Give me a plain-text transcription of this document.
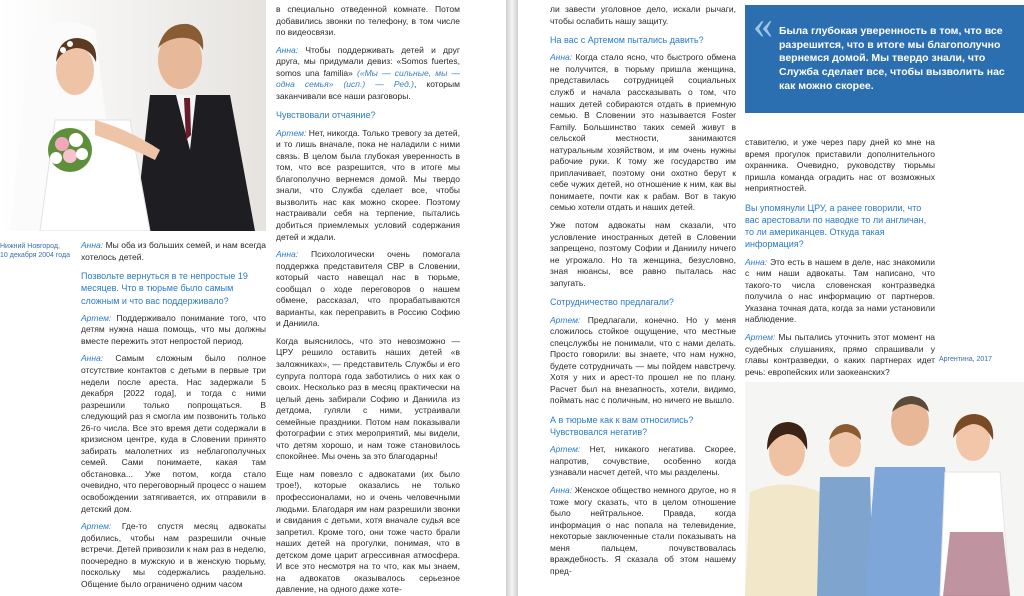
Нижний Новгород,
10 декабря 2004 года

Анна: Мы оба из больших семей, и нам всегда хотелось детей.

Позвольте вернуться в те непростые 19 месяцев. Что в тюрьме было самым сложным и что вас поддерживало?

Артем: Поддерживало понимание того, что детям нужна наша помощь, что мы должны вместе пережить этот непростой период.

Анна: Самым сложным было полное отсутствие контактов с детьми в первые три недели после ареста. Нас задержали 5 декабря [2022 года], и тогда с ними разрешили только попрощаться. В следующий раз я смогла им позвонить только 26-го числа. Все это время дети содержали в кризисном центре, куда в Словении принято забирать малолетних из неблагополучных семей. Сами понимаете, какая там обстановка... Уже потом, когда стало очевидно, что переговорный процесс о нашем освобождении затягивается, их отправили в детский дом.

Артем: Где-то спустя месяц адвокаты добились, чтобы нам разрешили очные встречи. Детей привозили к нам раз в неделю, поочередно в мужскую и в женскую тюрьму, поскольку мы содержались раздельно. Общение было ограничено одним часом

в специально отведенной комнате. Потом добавились звонки по телефону, в том числе по видеосвязи.

Анна: Чтобы поддерживать детей и друг друга, мы придумали девиз: «Somos fuertes, somos una familia» («Мы — сильные, мы — одна семья» (исп.) — Ред.), которым заканчивали все наши разговоры.

Чувствовали отчаяние?

Артем: Нет, никогда. Только тревогу за детей, и то лишь вначале, пока не наладили с ними связь. В целом была глубокая уверенность в том, что все разрешится, что в итоге мы благополучно вернемся домой. Мы твердо знали, что Служба сделает все, чтобы вызволить нас как можно скорее. Поэтому настраивали себя на терпение, пытались добиться приемлемых условий содержания детей и ждали.

Анна: Психологически очень помогала поддержка представителя СВР в Словении, который часто навещал нас в тюрьме, сообщал о ходе переговоров о нашем обмене, рассказал, что прорабатываются варианты, как переправить в Россию Софию и Даниила.

Когда выяснилось, что это невозможно — ЦРУ решило оставить наших детей «в заложниках», — представитель Службы и его супруга полтора года заботились о них как о своих. Несколько раз в месяц практически на целый день забирали Софию и Даниила из детдома, гуляли с ними, устраивали семейные праздники. Потом нам показывали фотографии с этих мероприятий, мы видели, что детям хорошо, и нам тоже становилось спокойнее. Мы очень за это благодарны!

Еще нам повезло с адвокатами (их было трое!), которые оказались не только профессионалами, но и очень человечными людьми. Благодаря им нам разрешили звонки и свидания с детьми, хотя вначале судья все запретил. Кроме того, они тоже часто брали наших детей на прогулки, понимая, что в детском доме царит агрессивная атмосфера. И все это несмотря на то что, как мы знаем, на адвокатов оказывалось серьезное давление, на одного даже хоте-

ли завести уголовное дело, искали рычаги, чтобы ослабить нашу защиту.

На вас с Артемом пытались давить?

Анна: Когда стало ясно, что быстрого обмена не получится, в тюрьму пришла женщина, представилась сотрудницей социальных служб и начала рассказывать о том, что наших детей собираются отдать в приемную семью. В Словении это называется Foster Family. Большинство таких семей живут в сельской местности, занимаются натуральным хозяйством, и им очень нужны рабочие руки. К тому же государство им приплачивает, поэтому они охотно берут к себе чужих детей, но отношение к ним, как вы понимаете, почти как к рабам. Вот в такую семью хотели отдать и наших детей.

Уже потом адвокаты нам сказали, что условление иностранных детей в Словении запрещено, поэтому Софии и Даниилу ничего не угрожало. Но та женщина, безусловно, зная нюансы, все равно пыталась нас запугать.

Сотрудничество предлагали?

Артем: Предлагали, конечно. Но у меня сложилось стойкое ощущение, что местные спецслужбы не понимали, что с нами делать. Просто говорили: вы знаете, что нам нужно, будете сотрудничать — мы пойдем навстречу. Хотя у них и арест-то прошел не по плану. Расчет был на внезапность, хотели, видимо, поймать нас с поличным, но ничего не вышло.

А в тюрьме как к вам относились? Чувствовался негатив?

Артем: Нет, никакого негатива. Скорее, напротив, сочувствие, особенно когда узнавали насчет детей, что мы разделены.

Анна: Женское общество немного другое, но я тоже могу сказать, что в целом отношение было нейтральное. Правда, когда информация о нас попала на телевидение, некоторые заключенные стали показывать на меня пальцем, почувствовалась враждебность. Я сказала об этом нашему пред-

ставителю, и уже через пару дней ко мне на время прогулок приставили дополнительного охранника. Очевидно, руководству тюрьмы пришла команда оградить нас от возможных неприятностей.

Вы упомянули ЦРУ, а ранее говорили, что вас арестовали по наводке то ли англичан, то ли американцев. Откуда такая информация?

Анна: Это есть в нашем в деле, нас знакомили с ним наши адвокаты. Там написано, что такого-то числа словенская контразведка получила о нас информацию от партнеров. Указана точная дата, когда за нами установили наблюдение.

Артем: Мы пытались уточнить этот момент на судебных слушаниях, прямо спрашивали у главы контразведки, о каких партнерах идет речь: европейских или заокеанских?

Аргентина, 2017
« Была глубокая уверенность в том, что все разрешится, что в итоге мы благополучно вернемся домой. Мы твердо знали, что Служба сделает все, чтобы вызволить нас как можно скорее.
